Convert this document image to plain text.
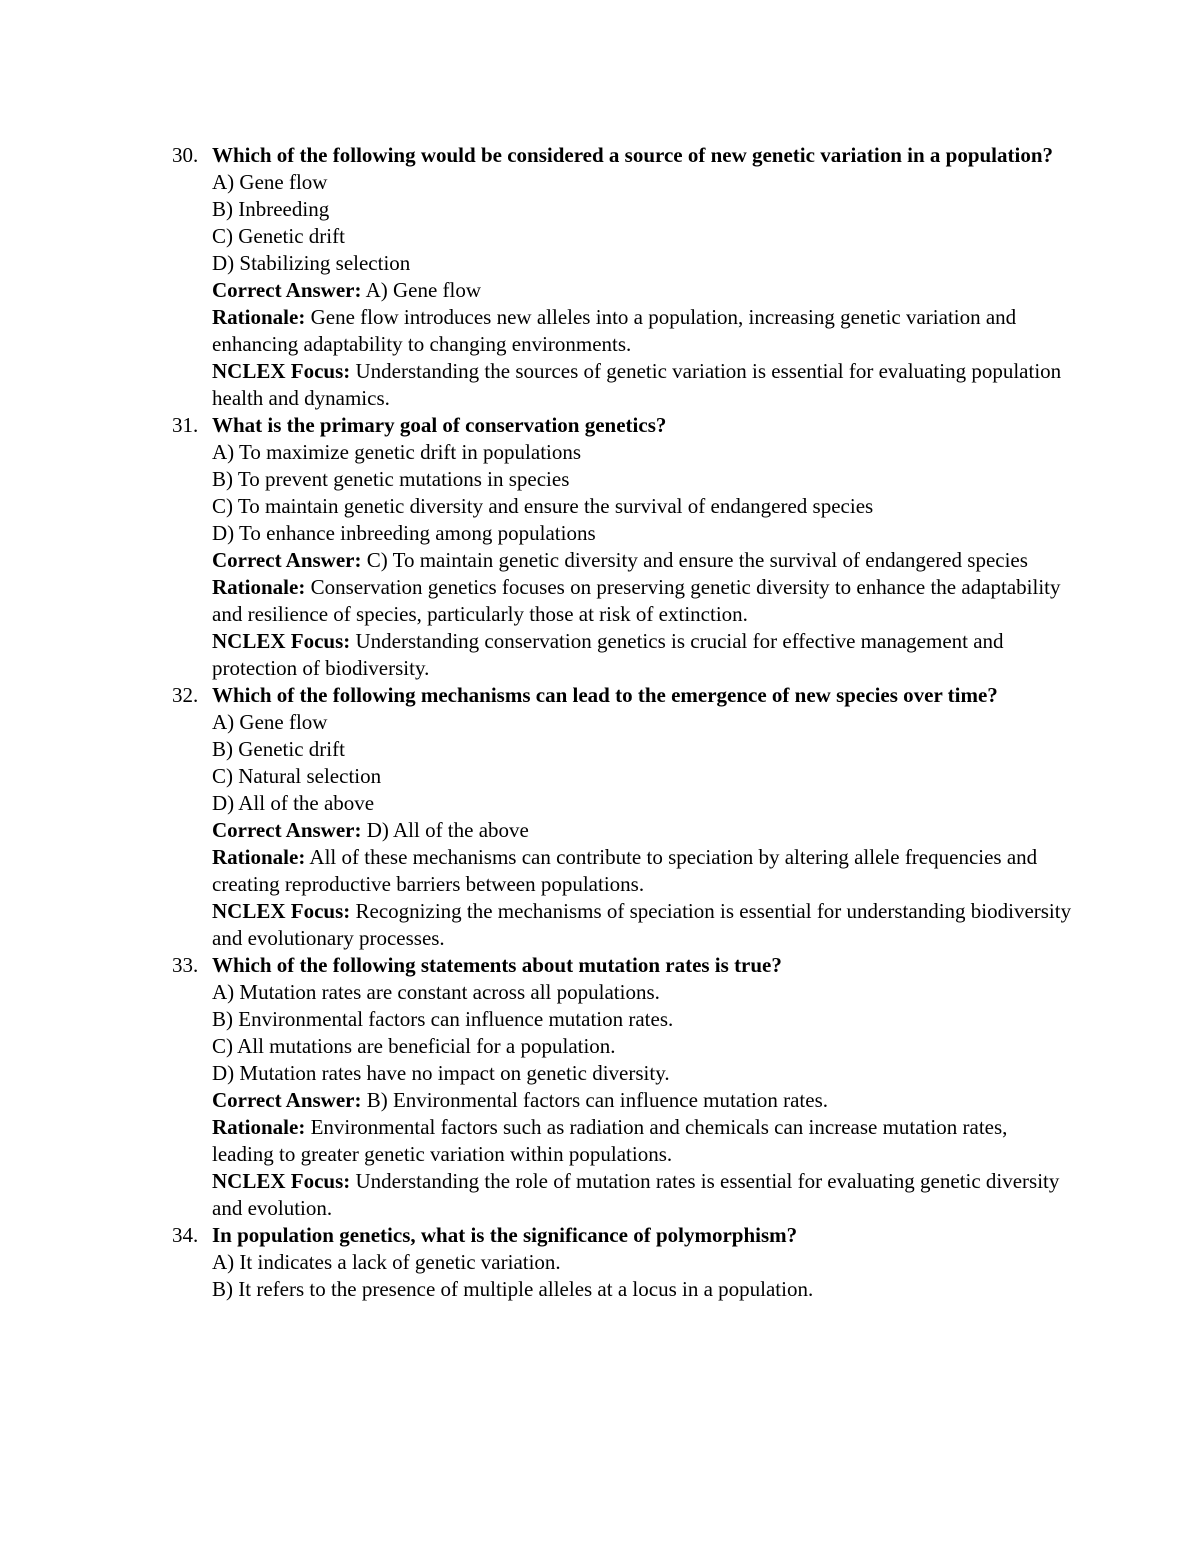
30. Which of the following would be considered a source of new genetic variation in a population?
A) Gene flow
B) Inbreeding
C) Genetic drift
D) Stabilizing selection
Correct Answer: A) Gene flow
Rationale: Gene flow introduces new alleles into a population, increasing genetic variation and enhancing adaptability to changing environments.
NCLEX Focus: Understanding the sources of genetic variation is essential for evaluating population health and dynamics.
31. What is the primary goal of conservation genetics?
A) To maximize genetic drift in populations
B) To prevent genetic mutations in species
C) To maintain genetic diversity and ensure the survival of endangered species
D) To enhance inbreeding among populations
Correct Answer: C) To maintain genetic diversity and ensure the survival of endangered species
Rationale: Conservation genetics focuses on preserving genetic diversity to enhance the adaptability and resilience of species, particularly those at risk of extinction.
NCLEX Focus: Understanding conservation genetics is crucial for effective management and protection of biodiversity.
32. Which of the following mechanisms can lead to the emergence of new species over time?
A) Gene flow
B) Genetic drift
C) Natural selection
D) All of the above
Correct Answer: D) All of the above
Rationale: All of these mechanisms can contribute to speciation by altering allele frequencies and creating reproductive barriers between populations.
NCLEX Focus: Recognizing the mechanisms of speciation is essential for understanding biodiversity and evolutionary processes.
33. Which of the following statements about mutation rates is true?
A) Mutation rates are constant across all populations.
B) Environmental factors can influence mutation rates.
C) All mutations are beneficial for a population.
D) Mutation rates have no impact on genetic diversity.
Correct Answer: B) Environmental factors can influence mutation rates.
Rationale: Environmental factors such as radiation and chemicals can increase mutation rates, leading to greater genetic variation within populations.
NCLEX Focus: Understanding the role of mutation rates is essential for evaluating genetic diversity and evolution.
34. In population genetics, what is the significance of polymorphism?
A) It indicates a lack of genetic variation.
B) It refers to the presence of multiple alleles at a locus in a population.
